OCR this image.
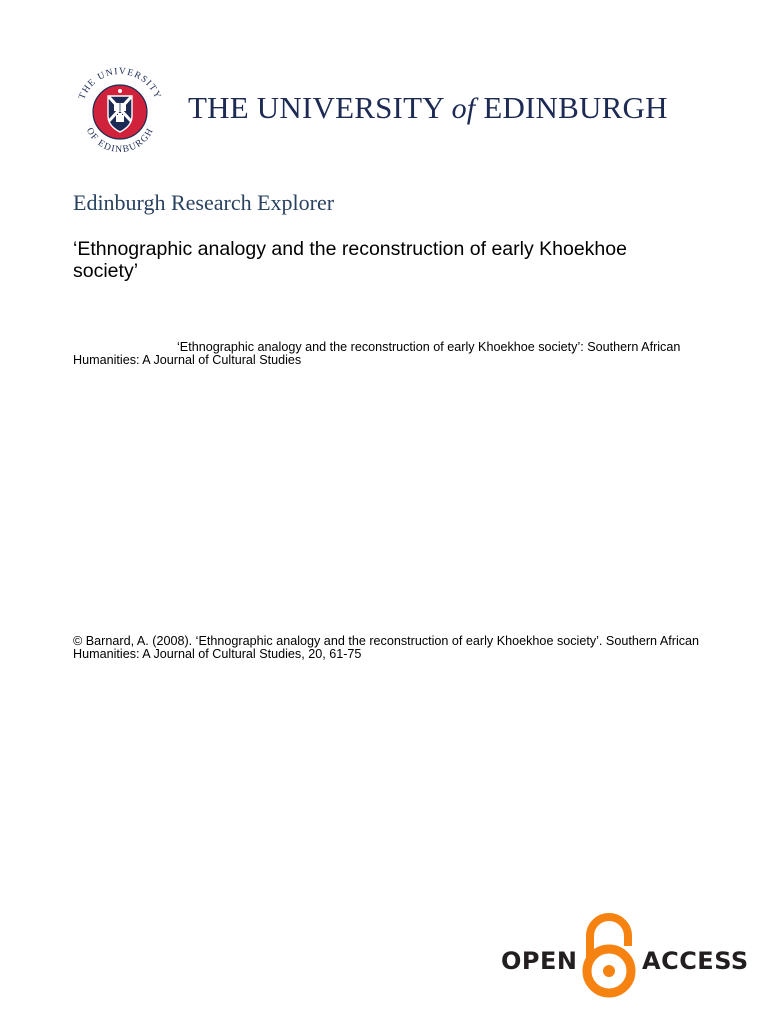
THE UNIVERSITY
OF EDINBURGH
THE UNIVERSITY of EDINBURGH
Edinburgh Research Explorer
‘Ethnographic analogy and the reconstruction of early Khoekhoe society’
‘Ethnographic analogy and the reconstruction of early Khoekhoe society’: Southern African Humanities: A Journal of Cultural Studies
© Barnard, A. (2008). ‘Ethnographic analogy and the reconstruction of early Khoekhoe society’. Southern African Humanities: A Journal of Cultural Studies, 20, 61-75
OPEN	ACCESS
